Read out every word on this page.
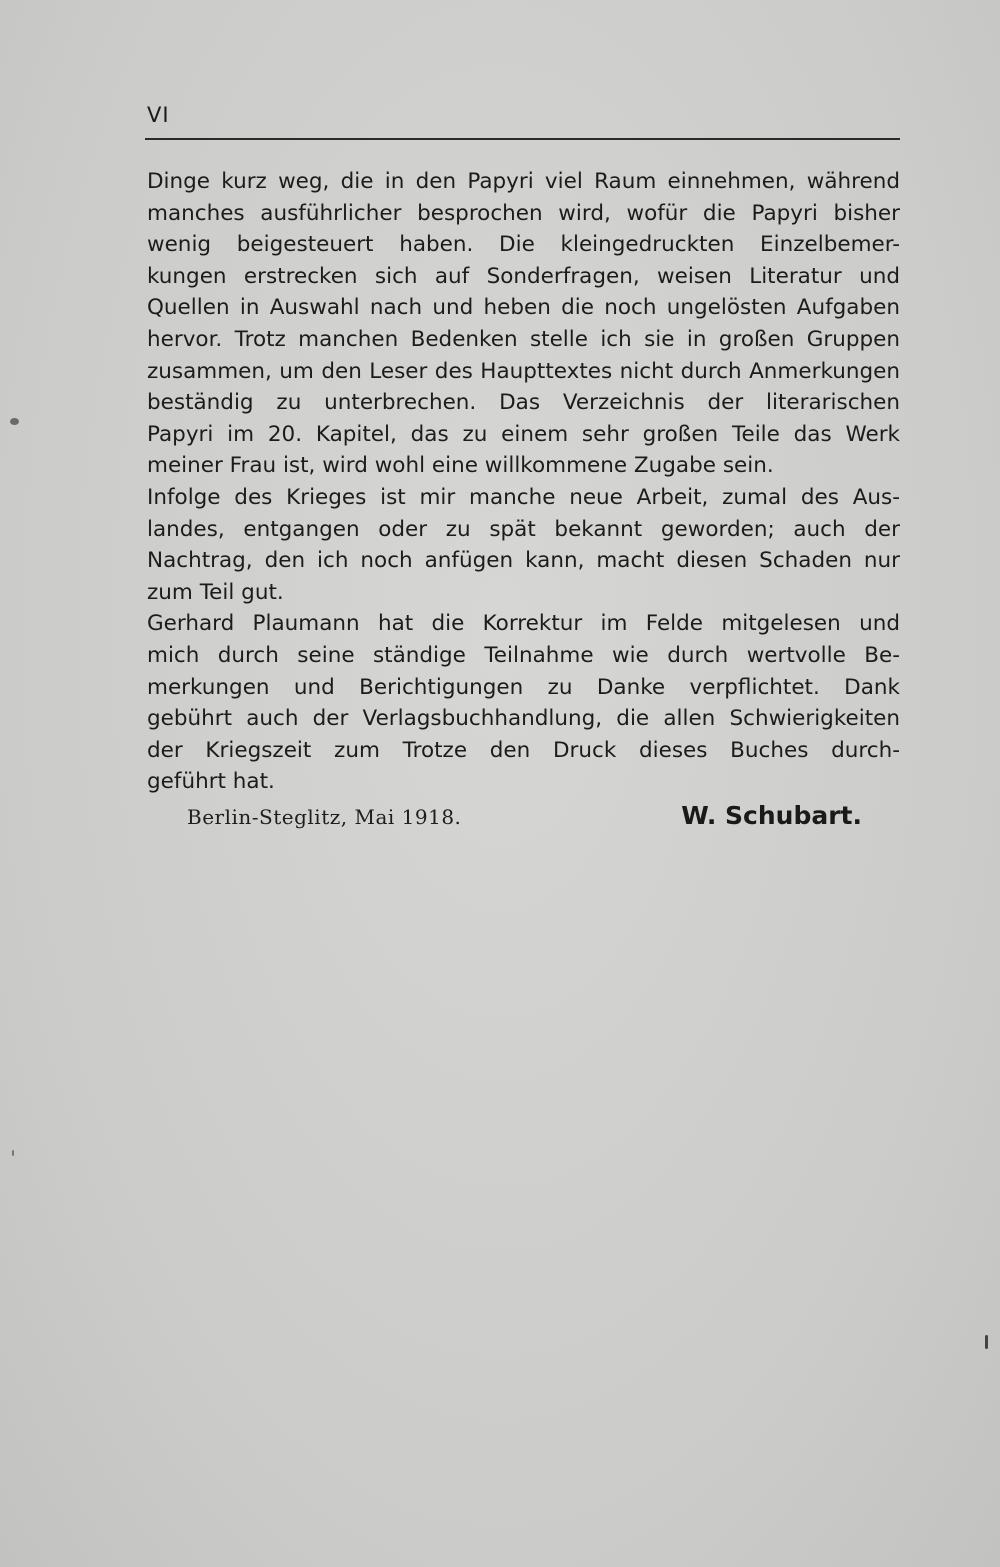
VI
Dinge kurz weg, die in den Papyri viel Raum einnehmen, während
manches ausführlicher besprochen wird, wofür die Papyri bisher
wenig beigesteuert haben. Die kleingedruckten Einzelbemer-
kungen erstrecken sich auf Sonderfragen, weisen Literatur und
Quellen in Auswahl nach und heben die noch ungelösten Aufgaben
hervor. Trotz manchen Bedenken stelle ich sie in großen Gruppen
zusammen, um den Leser des Haupttextes nicht durch Anmerkungen
beständig zu unterbrechen. Das Verzeichnis der literarischen
Papyri im 20. Kapitel, das zu einem sehr großen Teile das Werk
meiner Frau ist, wird wohl eine willkommene Zugabe sein.
Infolge des Krieges ist mir manche neue Arbeit, zumal des Aus-
landes, entgangen oder zu spät bekannt geworden; auch der
Nachtrag, den ich noch anfügen kann, macht diesen Schaden nur
zum Teil gut.
Gerhard Plaumann hat die Korrektur im Felde mitgelesen und
mich durch seine ständige Teilnahme wie durch wertvolle Be-
merkungen und Berichtigungen zu Danke verpflichtet. Dank
gebührt auch der Verlagsbuchhandlung, die allen Schwierigkeiten
der Kriegszeit zum Trotze den Druck dieses Buches durch-
geführt hat.
Berlin-Steglitz, Mai 1918.	W. Schubart.
